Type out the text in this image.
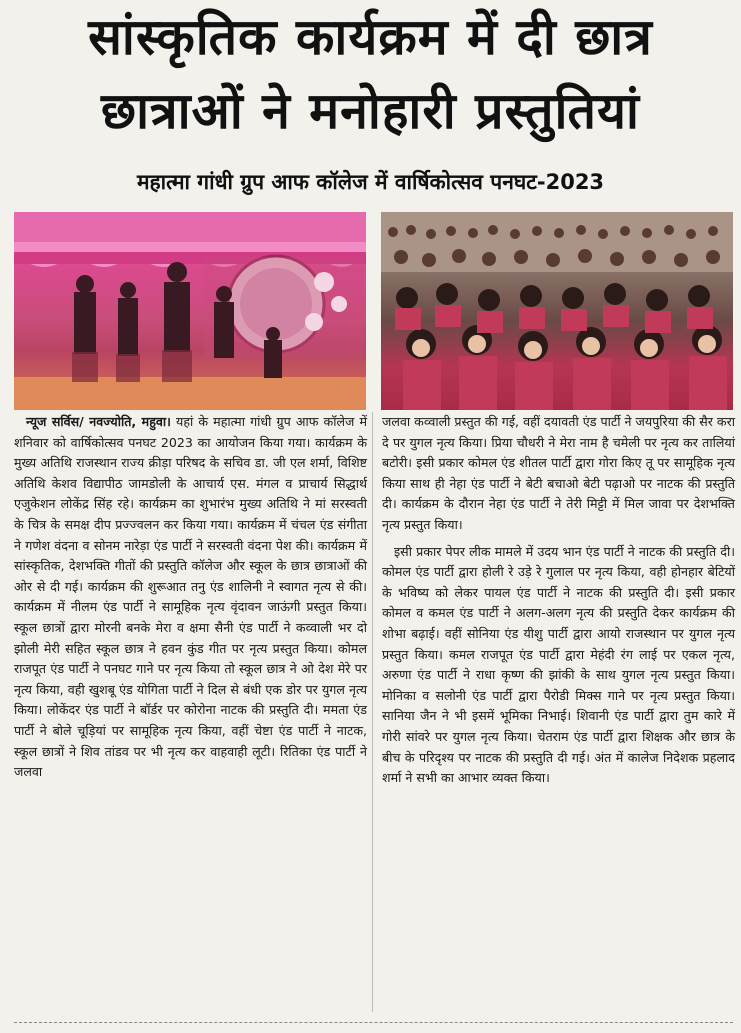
सांस्कृतिक कार्यक्रम में दी छात्र
छात्राओं ने मनोहारी प्रस्तुतियां
महात्मा गांधी ग्रुप आफ कॉलेज में वार्षिकोत्सव पनघट-2023

न्यूज सर्विस/ नवज्योति, महुवा। यहां के महात्मा गांधी ग्रुप आफ कॉलेज में शनिवार को वार्षिकोत्सव पनघट 2023 का आयोजन किया गया। कार्यक्रम के मुख्य अतिथि राजस्थान राज्य क्रीड़ा परिषद के सचिव डा. जी एल शर्मा, विशिष्ट अतिथि केशव विद्यापीठ जामडोली के आचार्य एस. मंगल व प्राचार्य सिद्धार्थ एजुकेशन लोकेंद्र सिंह रहे। कार्यक्रम का शुभारंभ मुख्य अतिथि ने मां सरस्वती के चित्र के समक्ष दीप प्रज्ज्वलन कर किया गया। कार्यक्रम में चंचल एंड संगीता ने गणेश वंदना व सोनम नारेड़ा एंड पार्टी ने सरस्वती वंदना पेश की। कार्यक्रम में सांस्कृतिक, देशभक्ति गीतों की प्रस्तुति कॉलेज और स्कूल के छात्र छात्राओं की ओर से दी गई। कार्यक्रम की शुरूआत तनु एंड शालिनी ने स्वागत नृत्य से की। कार्यक्रम में नीलम एंड पार्टी ने सामूहिक नृत्य वृंदावन जाऊंगी प्रस्तुत किया। स्कूल छात्रों द्वारा मोरनी बनके मेरा व क्षमा सैनी एंड पार्टी ने कव्वाली भर दो झोली मेरी सहित स्कूल छात्र ने हवन कुंड गीत पर नृत्य प्रस्तुत किया। कोमल राजपूत एंड पार्टी ने पनघट गाने पर नृत्य किया तो स्कूल छात्र ने ओ देश मेरे पर नृत्य किया, वही खुशबू एंड योगिता पार्टी ने दिल से बंधी एक डोर पर युगल नृत्य किया। लोकेंदर एंड पार्टी ने बॉर्डर पर कोरोना नाटक की प्रस्तुति दी। ममता एंड पार्टी ने बोले चूड़ियां पर सामूहिक नृत्य किया, वहीं चेष्टा एंड पार्टी ने नाटक, स्कूल छात्रों ने शिव तांडव पर भी नृत्य कर वाहवाही लूटी। रितिका एंड पार्टी ने जलवा

जलवा कव्वाली प्रस्तुत की गई, वहीं दयावती एंड पार्टी ने जयपुरिया की सैर करा दे पर युगल नृत्य किया। प्रिया चौधरी ने मेरा नाम है चमेली पर नृत्य कर तालियां बटोरी। इसी प्रकार कोमल एंड शीतल पार्टी द्वारा गोरा किए तू पर सामूहिक नृत्य किया साथ ही नेहा एंड पार्टी ने बेटी बचाओ बेटी पढ़ाओ पर नाटक की प्रस्तुति दी। कार्यक्रम के दौरान नेहा एंड पार्टी ने तेरी मिट्टी में मिल जावा पर देशभक्ति नृत्य प्रस्तुत किया।

इसी प्रकार पेपर लीक मामले में उदय भान एंड पार्टी ने नाटक की प्रस्तुति दी। कोमल एंड पार्टी द्वारा होली रे उड़े रे गुलाल पर नृत्य किया, वही होनहार बेटियों के भविष्य को लेकर पायल एंड पार्टी ने नाटक की प्रस्तुति दी। इसी प्रकार कोमल व कमल एंड पार्टी ने अलग-अलग नृत्य की प्रस्तुति देकर कार्यक्रम की शोभा बढ़ाई। वहीं सोनिया एंड यीशु पार्टी द्वारा आयो राजस्थान पर युगल नृत्य प्रस्तुत किया। कमल राजपूत एंड पार्टी द्वारा मेहंदी रंग लाई पर एकल नृत्य, अरुणा एंड पार्टी ने राधा कृष्ण की झांकी के साथ युगल नृत्य प्रस्तुत किया। मोनिका व सलोनी एंड पार्टी द्वारा पैरोडी मिक्स गाने पर नृत्य प्रस्तुत किया। सानिया जैन ने भी इसमें भूमिका निभाई। शिवानी एंड पार्टी द्वारा तुम कारे में गोरी सांवरे पर युगल नृत्य किया। चेतराम एंड पार्टी द्वारा शिक्षक और छात्र के बीच के परिदृश्य पर नाटक की प्रस्तुति दी गई। अंत में कालेज निदेशक प्रहलाद शर्मा ने सभी का आभार व्यक्त किया।
